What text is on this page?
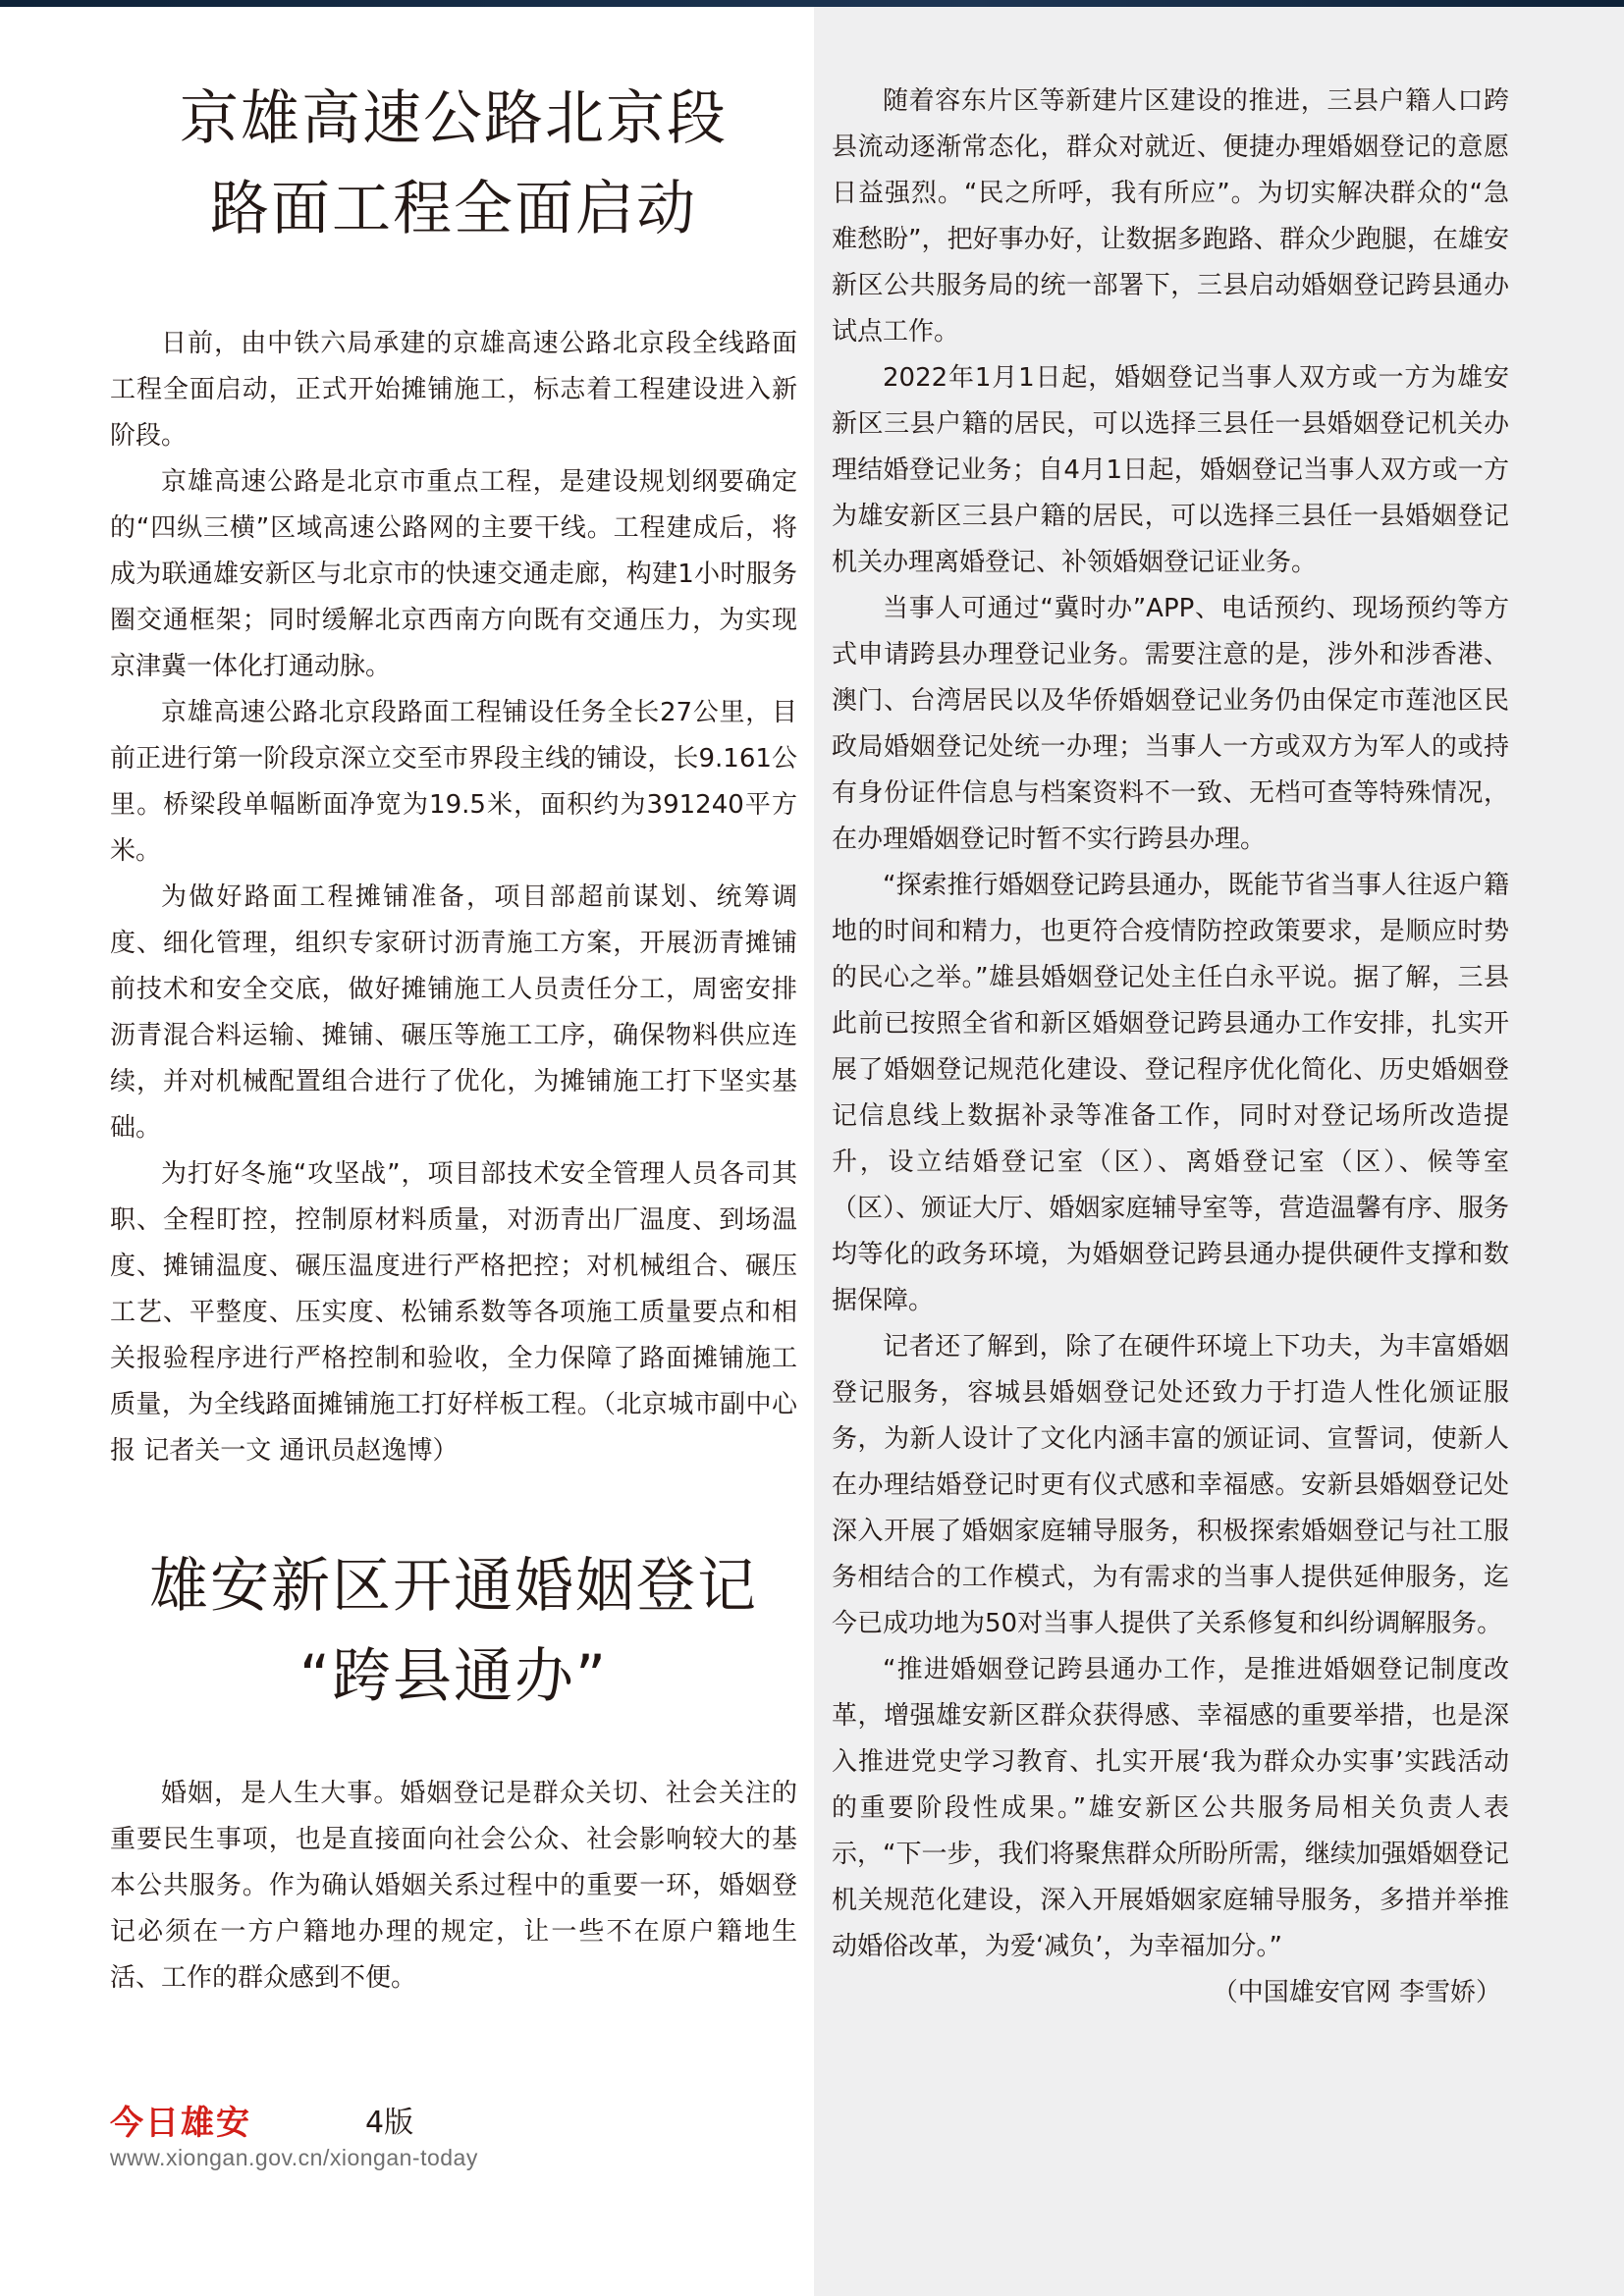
京雄高速公路北京段
路面工程全面启动

日前，由中铁六局承建的京雄高速公路北京段全线路面工程全面启动，正式开始摊铺施工，标志着工程建设进入新阶段。

京雄高速公路是北京市重点工程，是建设规划纲要确定的“四纵三横”区域高速公路网的主要干线。工程建成后，将成为联通雄安新区与北京市的快速交通走廊，构建1小时服务圈交通框架；同时缓解北京西南方向既有交通压力，为实现京津冀一体化打通动脉。

京雄高速公路北京段路面工程铺设任务全长27公里，目前正进行第一阶段京深立交至市界段主线的铺设，长9.161公里。桥梁段单幅断面净宽为19.5米，面积约为391240平方米。

为做好路面工程摊铺准备，项目部超前谋划、统筹调度、细化管理，组织专家研讨沥青施工方案，开展沥青摊铺前技术和安全交底，做好摊铺施工人员责任分工，周密安排沥青混合料运输、摊铺、碾压等施工工序，确保物料供应连续，并对机械配置组合进行了优化，为摊铺施工打下坚实基础。

为打好冬施“攻坚战”，项目部技术安全管理人员各司其职、全程盯控，控制原材料质量，对沥青出厂温度、到场温度、摊铺温度、碾压温度进行严格把控；对机械组合、碾压工艺、平整度、压实度、松铺系数等各项施工质量要点和相关报验程序进行严格控制和验收，全力保障了路面摊铺施工质量，为全线路面摊铺施工打好样板工程。（北京城市副中心报 记者关一文 通讯员赵逸博）

雄安新区开通婚姻登记
“跨县通办”

婚姻，是人生大事。婚姻登记是群众关切、社会关注的重要民生事项，也是直接面向社会公众、社会影响较大的基本公共服务。作为确认婚姻关系过程中的重要一环，婚姻登记必须在一方户籍地办理的规定，让一些不在原户籍地生活、工作的群众感到不便。

随着容东片区等新建片区建设的推进，三县户籍人口跨县流动逐渐常态化，群众对就近、便捷办理婚姻登记的意愿日益强烈。“民之所呼，我有所应”。为切实解决群众的“急难愁盼”，把好事办好，让数据多跑路、群众少跑腿，在雄安新区公共服务局的统一部署下，三县启动婚姻登记跨县通办试点工作。

2022年1月1日起，婚姻登记当事人双方或一方为雄安新区三县户籍的居民，可以选择三县任一县婚姻登记机关办理结婚登记业务；自4月1日起，婚姻登记当事人双方或一方为雄安新区三县户籍的居民，可以选择三县任一县婚姻登记机关办理离婚登记、补领婚姻登记证业务。

当事人可通过“冀时办”APP、电话预约、现场预约等方式申请跨县办理登记业务。需要注意的是，涉外和涉香港、澳门、台湾居民以及华侨婚姻登记业务仍由保定市莲池区民政局婚姻登记处统一办理；当事人一方或双方为军人的或持有身份证件信息与档案资料不一致、无档可查等特殊情况，在办理婚姻登记时暂不实行跨县办理。

“探索推行婚姻登记跨县通办，既能节省当事人往返户籍地的时间和精力，也更符合疫情防控政策要求，是顺应时势的民心之举。”雄县婚姻登记处主任白永平说。据了解，三县此前已按照全省和新区婚姻登记跨县通办工作安排，扎实开展了婚姻登记规范化建设、登记程序优化简化、历史婚姻登记信息线上数据补录等准备工作，同时对登记场所改造提升，设立结婚登记室（区）、离婚登记室（区）、候等室（区）、颁证大厅、婚姻家庭辅导室等，营造温馨有序、服务均等化的政务环境，为婚姻登记跨县通办提供硬件支撑和数据保障。

记者还了解到，除了在硬件环境上下功夫，为丰富婚姻登记服务，容城县婚姻登记处还致力于打造人性化颁证服务，为新人设计了文化内涵丰富的颁证词、宣誓词，使新人在办理结婚登记时更有仪式感和幸福感。安新县婚姻登记处深入开展了婚姻家庭辅导服务，积极探索婚姻登记与社工服务相结合的工作模式，为有需求的当事人提供延伸服务，迄今已成功地为50对当事人提供了关系修复和纠纷调解服务。

“推进婚姻登记跨县通办工作，是推进婚姻登记制度改革，增强雄安新区群众获得感、幸福感的重要举措，也是深入推进党史学习教育、扎实开展‘我为群众办实事’实践活动的重要阶段性成果。”雄安新区公共服务局相关负责人表示，“下一步，我们将聚焦群众所盼所需，继续加强婚姻登记机关规范化建设，深入开展婚姻家庭辅导服务，多措并举推动婚俗改革，为爱‘减负’，为幸福加分。”

（中国雄安官网 李雪娇）

今日雄安	4版
www.xiongan.gov.cn/xiongan-today
